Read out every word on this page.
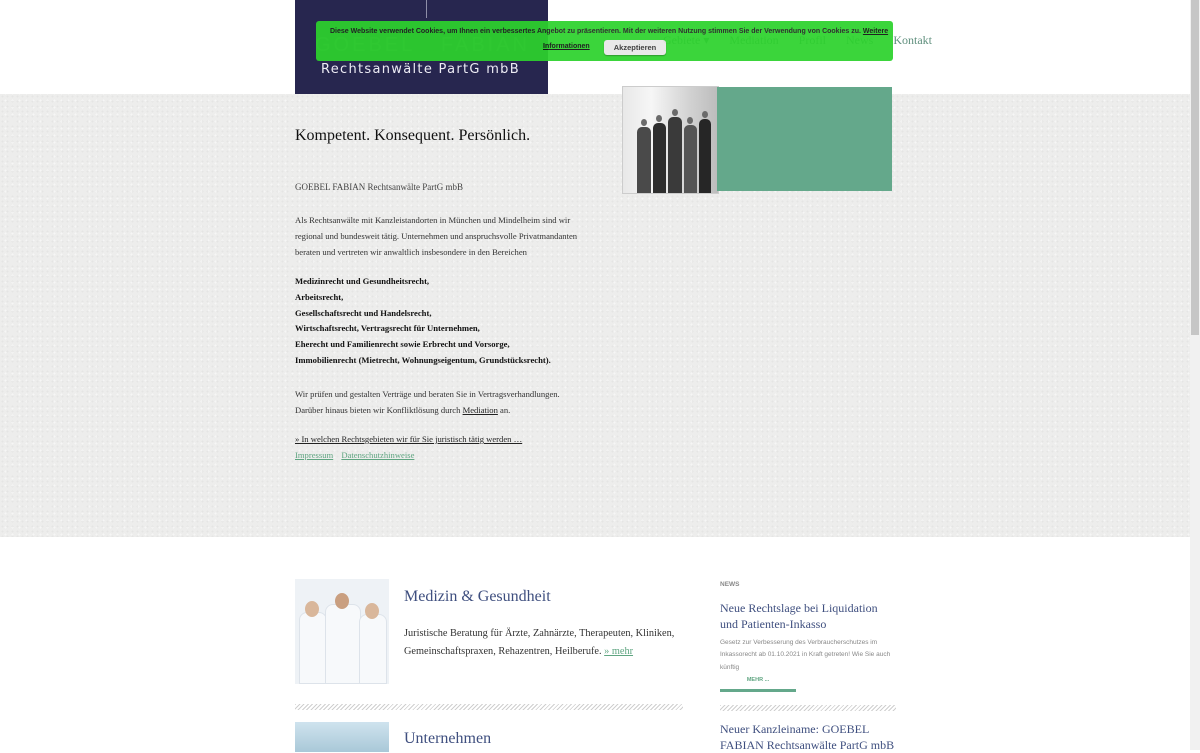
Rechtsanwälte PartG mbB
Kontakt
Diese Website verwendet Cookies, um Ihnen ein verbessertes Angebot zu präsentieren. Mit der weiteren Nutzung stimmen Sie der Verwendung von Cookies zu. Weitere
Informationen	Akzeptieren
Kompetent. Konsequent. Persönlich.
GOEBEL FABIAN Rechtsanwälte PartG mbB
Als Rechtsanwälte mit Kanzleistandorten in München und Mindelheim sind wir regional und bundesweit tätig. Unternehmen und anspruchsvolle Privatmandanten beraten und vertreten wir anwaltlich insbesondere in den Bereichen
Medizinrecht und Gesundheitsrecht,
Arbeitsrecht,
Gesellschaftsrecht und Handelsrecht,
Wirtschaftsrecht, Vertragsrecht für Unternehmen,
Eherecht und Familienrecht sowie Erbrecht und Vorsorge,
Immobilienrecht (Mietrecht, Wohnungseigentum, Grundstücksrecht).
Wir prüfen und gestalten Verträge und beraten Sie in Vertragsverhandlungen.
Darüber hinaus bieten wir Konfliktlösung durch Mediation an.
» In welchen Rechtsgebieten wir für Sie juristisch tätig werden …
Impressum Datenschutzhinweise
Medizin & Gesundheit
Juristische Beratung für Ärzte, Zahnärzte, Therapeuten, Kliniken, Gemeinschaftspraxen, Rehazentren, Heilberufe. » mehr
Unternehmen
NEWS
Neue Rechtslage bei Liquidation und Patienten-Inkasso
Gesetz zur Verbesserung des Verbraucherschutzes im Inkassorecht ab 01.10.2021 in Kraft getreten! Wie Sie auch künftig
MEHR ...
Neuer Kanzleiname: GOEBEL FABIAN Rechtsanwälte PartG mbB
